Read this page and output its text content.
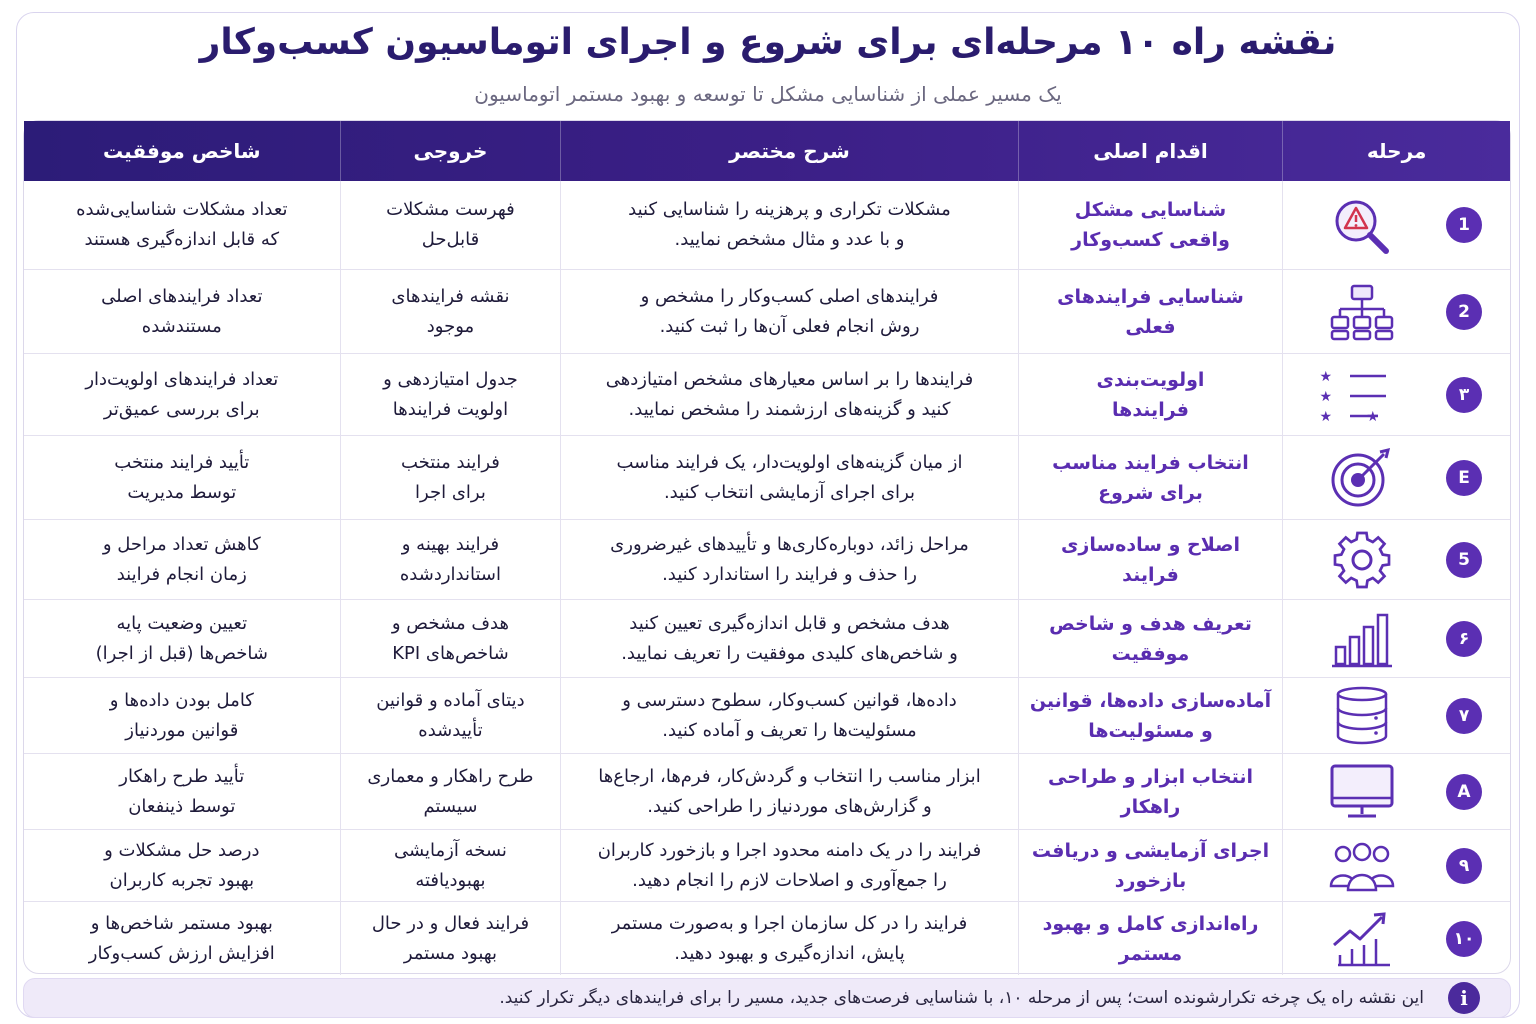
نقشه راه ۱۰ مرحله‌ای برای شروع و اجرای اتوماسیون کسب‌وکار
یک مسیر عملی از شناسایی مشکل تا توسعه و بهبود مستمر اتوماسیون
مرحله
اقدام اصلی
شرح مختصر
خروجی
شاخص موفقیت
1
شناسایی مشکل
واقعی کسب‌وکار
مشکلات تکراری و پرهزینه را شناسایی کنید
و با عدد و مثال مشخص نمایید.
فهرست مشکلات
قابل‌حل
تعداد مشکلات شناسایی‌شده
که قابل اندازه‌گیری هستند
2
شناسایی فرایندهای
فعلی
فرایندهای اصلی کسب‌وکار را مشخص و
روش انجام فعلی آن‌ها را ثبت کنید.
نقشه فرایندهای
موجود
تعداد فرایندهای اصلی
مستندشده
۳
★
★
★ ★
اولویت‌بندی
فرایندها
فرایندها را بر اساس معیارهای مشخص امتیازدهی
کنید و گزینه‌های ارزشمند را مشخص نمایید.
جدول امتیازدهی و
اولویت فرایندها
تعداد فرایندهای اولویت‌دار
برای بررسی عمیق‌تر
E
انتخاب فرایند مناسب
برای شروع
از میان گزینه‌های اولویت‌دار، یک فرایند مناسب
برای اجرای آزمایشی انتخاب کنید.
فرایند منتخب
برای اجرا
تأیید فرایند منتخب
توسط مدیریت
5
اصلاح و ساده‌سازی
فرایند
مراحل زائد، دوباره‌کاری‌ها و تأییدهای غیرضروری
را حذف و فرایند را استاندارد کنید.
فرایند بهینه و
استانداردشده
کاهش تعداد مراحل و
زمان انجام فرایند
۶
تعریف هدف و شاخص
موفقیت
هدف مشخص و قابل اندازه‌گیری تعیین کنید
و شاخص‌های کلیدی موفقیت را تعریف نمایید.
هدف مشخص و
شاخص‌های KPI
تعیین وضعیت پایه
شاخص‌ها (قبل از اجرا)
۷
آماده‌سازی داده‌ها، قوانین
و مسئولیت‌ها
داده‌ها، قوانین کسب‌وکار، سطوح دسترسی و
مسئولیت‌ها را تعریف و آماده کنید.
دیتای آماده و قوانین
تأییدشده
کامل بودن داده‌ها و
قوانین موردنیاز
A
انتخاب ابزار و طراحی
راهکار
ابزار مناسب را انتخاب و گردش‌کار، فرم‌ها، ارجاع‌ها
و گزارش‌های موردنیاز را طراحی کنید.
طرح راهکار و معماری
سیستم
تأیید طرح راهکار
توسط ذینفعان
۹
اجرای آزمایشی و دریافت
بازخورد
فرایند را در یک دامنه محدود اجرا و بازخورد کاربران
را جمع‌آوری و اصلاحات لازم را انجام دهید.
نسخه آزمایشی
بهبودیافته
درصد حل مشکلات و
بهبود تجربه کاربران
۱۰
راه‌اندازی کامل و بهبود
مستمر
فرایند را در کل سازمان اجرا و به‌صورت مستمر
پایش، اندازه‌گیری و بهبود دهید.
فرایند فعال و در حال
بهبود مستمر
بهبود مستمر شاخص‌ها و
افزایش ارزش کسب‌وکار
i
این نقشه راه یک چرخه تکرارشونده است؛ پس از مرحله ۱۰، با شناسایی فرصت‌های جدید، مسیر را برای فرایندهای دیگر تکرار کنید.
